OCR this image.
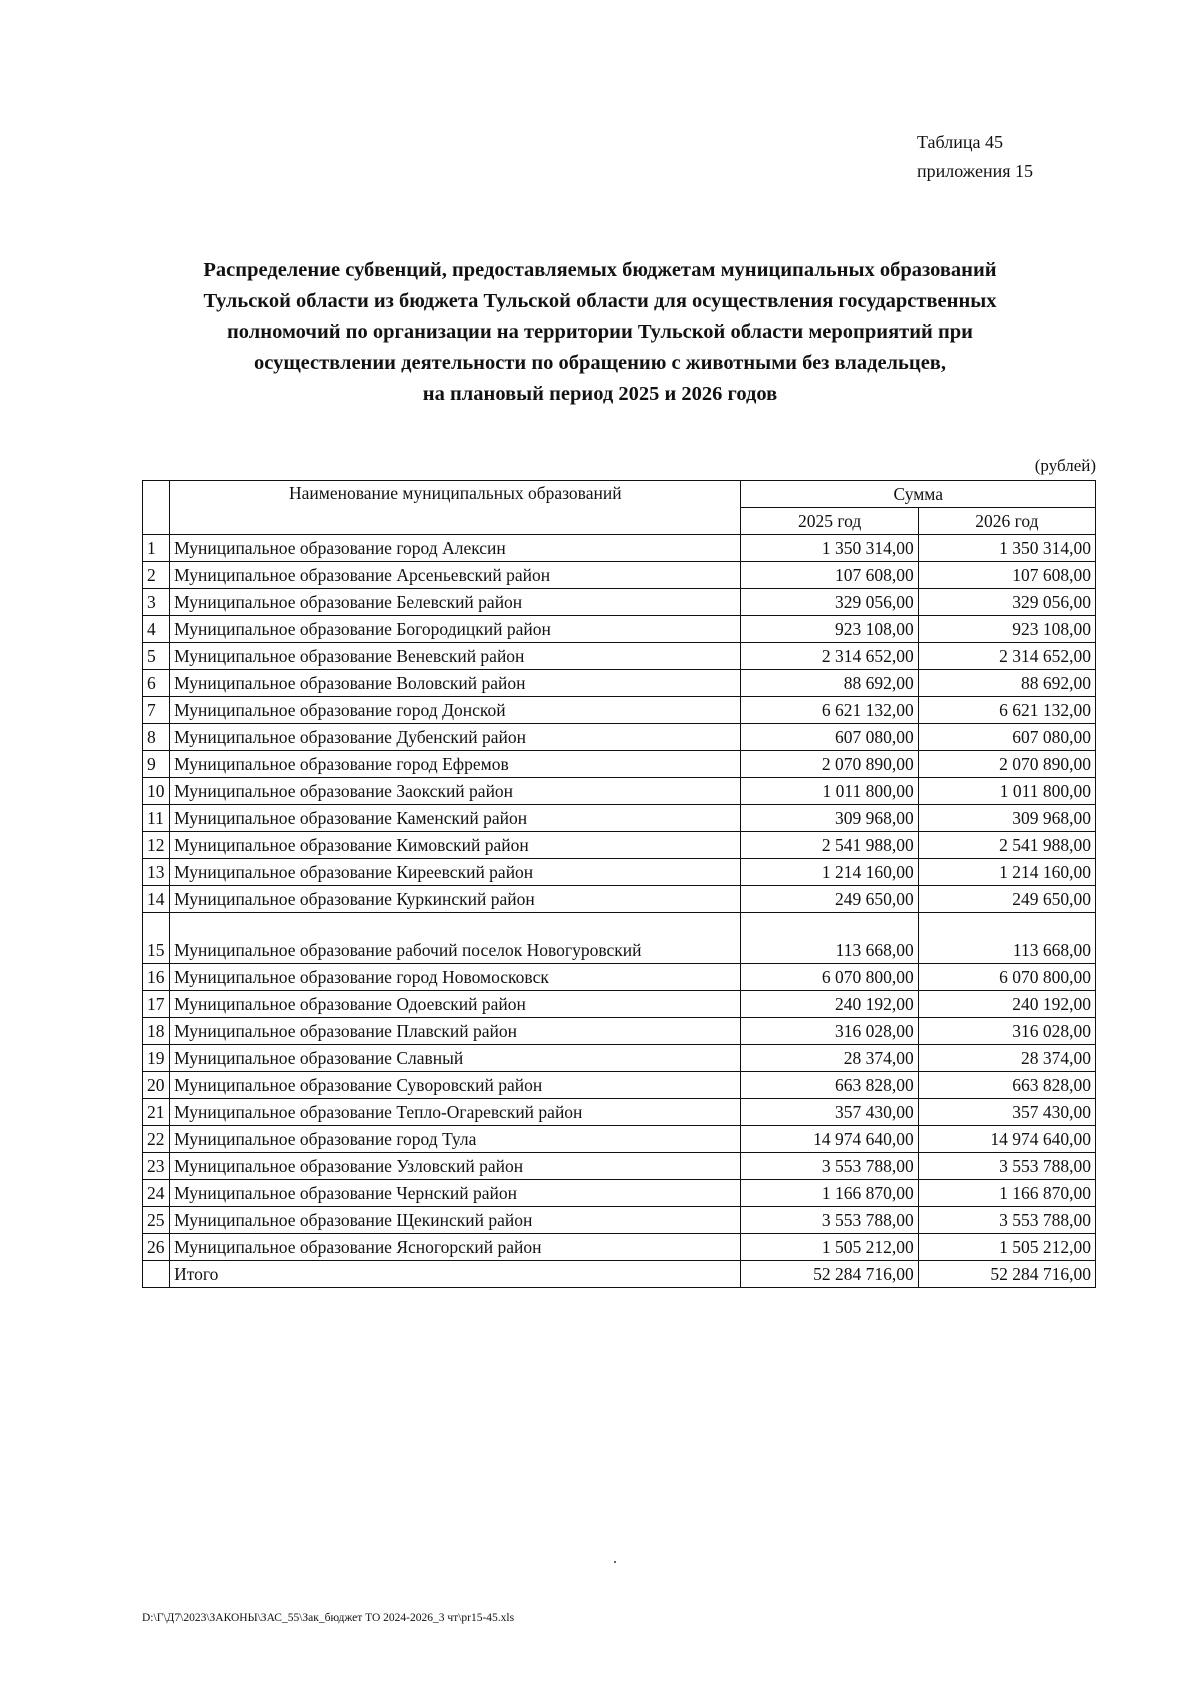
Таблица 45
приложения 15
Распределение субвенций, предоставляемых бюджетам муниципальных образований
Тульской области из бюджета Тульской области для осуществления государственных
полномочий по организации на территории Тульской области мероприятий при
осуществлении деятельности по обращению с животными без владельцев,
на плановый период 2025 и 2026 годов
(рублей)
	Наименование муниципальных образований	Сумма	
		2025 год	2026 год
1	Муниципальное образование город Алексин	1 350 314,00	1 350 314,00
2	Муниципальное образование Арсеньевский район	107 608,00	107 608,00
3	Муниципальное образование Белевский район	329 056,00	329 056,00
4	Муниципальное образование Богородицкий район	923 108,00	923 108,00
5	Муниципальное образование Веневский район	2 314 652,00	2 314 652,00
6	Муниципальное образование Воловский район	88 692,00	88 692,00
7	Муниципальное образование город Донской	6 621 132,00	6 621 132,00
8	Муниципальное образование Дубенский район	607 080,00	607 080,00
9	Муниципальное образование город Ефремов	2 070 890,00	2 070 890,00
10	Муниципальное образование Заокский район	1 011 800,00	1 011 800,00
11	Муниципальное образование Каменский район	309 968,00	309 968,00
12	Муниципальное образование Кимовский район	2 541 988,00	2 541 988,00
13	Муниципальное образование Киреевский район	1 214 160,00	1 214 160,00
14	Муниципальное образование Куркинский район	249 650,00	249 650,00
15	Муниципальное образование рабочий поселок Новогуровский	113 668,00	113 668,00
16	Муниципальное образование город Новомосковск	6 070 800,00	6 070 800,00
17	Муниципальное образование Одоевский район	240 192,00	240 192,00
18	Муниципальное образование Плавский район	316 028,00	316 028,00
19	Муниципальное образование Славный	28 374,00	28 374,00
20	Муниципальное образование Суворовский район	663 828,00	663 828,00
21	Муниципальное образование Тепло-Огаревский район	357 430,00	357 430,00
22	Муниципальное образование город Тула	14 974 640,00	14 974 640,00
23	Муниципальное образование Узловский район	3 553 788,00	3 553 788,00
24	Муниципальное образование Чернский район	1 166 870,00	1 166 870,00
25	Муниципальное образование Щекинский район	3 553 788,00	3 553 788,00
26	Муниципальное образование Ясногорский район	1 505 212,00	1 505 212,00
	Итого	52 284 716,00	52 284 716,00
D:\Г\Д7\2023\ЗАКОНЫ\ЗАС_55\Зак_бюджет ТО 2024-2026_3 чт\pr15-45.xls
